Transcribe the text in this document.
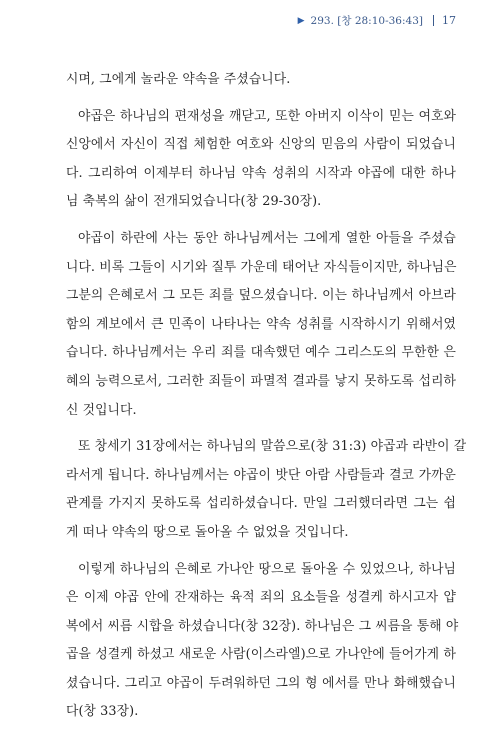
▶ 293. [창 28:10-36:43] 17
시며, 그에게 놀라운 약속을 주셨습니다.
야곱은 하나님의 편재성을 깨닫고, 또한 아버지 이삭이 믿는 여호와
신앙에서 자신이 직접 체험한 여호와 신앙의 믿음의 사람이 되었습니
다. 그리하여 이제부터 하나님 약속 성취의 시작과 야곱에 대한 하나
님 축복의 삶이 전개되었습니다(창 29-30장).
야곱이 하란에 사는 동안 하나님께서는 그에게 열한 아들을 주셨습
니다. 비록 그들이 시기와 질투 가운데 태어난 자식들이지만, 하나님은
그분의 은혜로서 그 모든 죄를 덮으셨습니다. 이는 하나님께서 아브라
함의 계보에서 큰 민족이 나타나는 약속 성취를 시작하시기 위해서였
습니다. 하나님께서는 우리 죄를 대속했던 예수 그리스도의 무한한 은
혜의 능력으로서, 그러한 죄들이 파멸적 결과를 낳지 못하도록 섭리하
신 것입니다.
또 창세기 31장에서는 하나님의 말씀으로(창 31:3) 야곱과 라반이 갈
라서게 됩니다. 하나님께서는 야곱이 밧단 아람 사람들과 결코 가까운
관계를 가지지 못하도록 섭리하셨습니다. 만일 그러했더라면 그는 쉽
게 떠나 약속의 땅으로 돌아올 수 없었을 것입니다.
이렇게 하나님의 은혜로 가나안 땅으로 돌아올 수 있었으나, 하나님
은 이제 야곱 안에 잔재하는 육적 죄의 요소들을 성결케 하시고자 얍
복에서 씨름 시합을 하셨습니다(창 32장). 하나님은 그 씨름을 통해 야
곱을 성결케 하셨고 새로운 사람(이스라엘)으로 가나안에 들어가게 하
셨습니다. 그리고 야곱이 두려워하던 그의 형 에서를 만나 화해했습니
다(창 33장).
